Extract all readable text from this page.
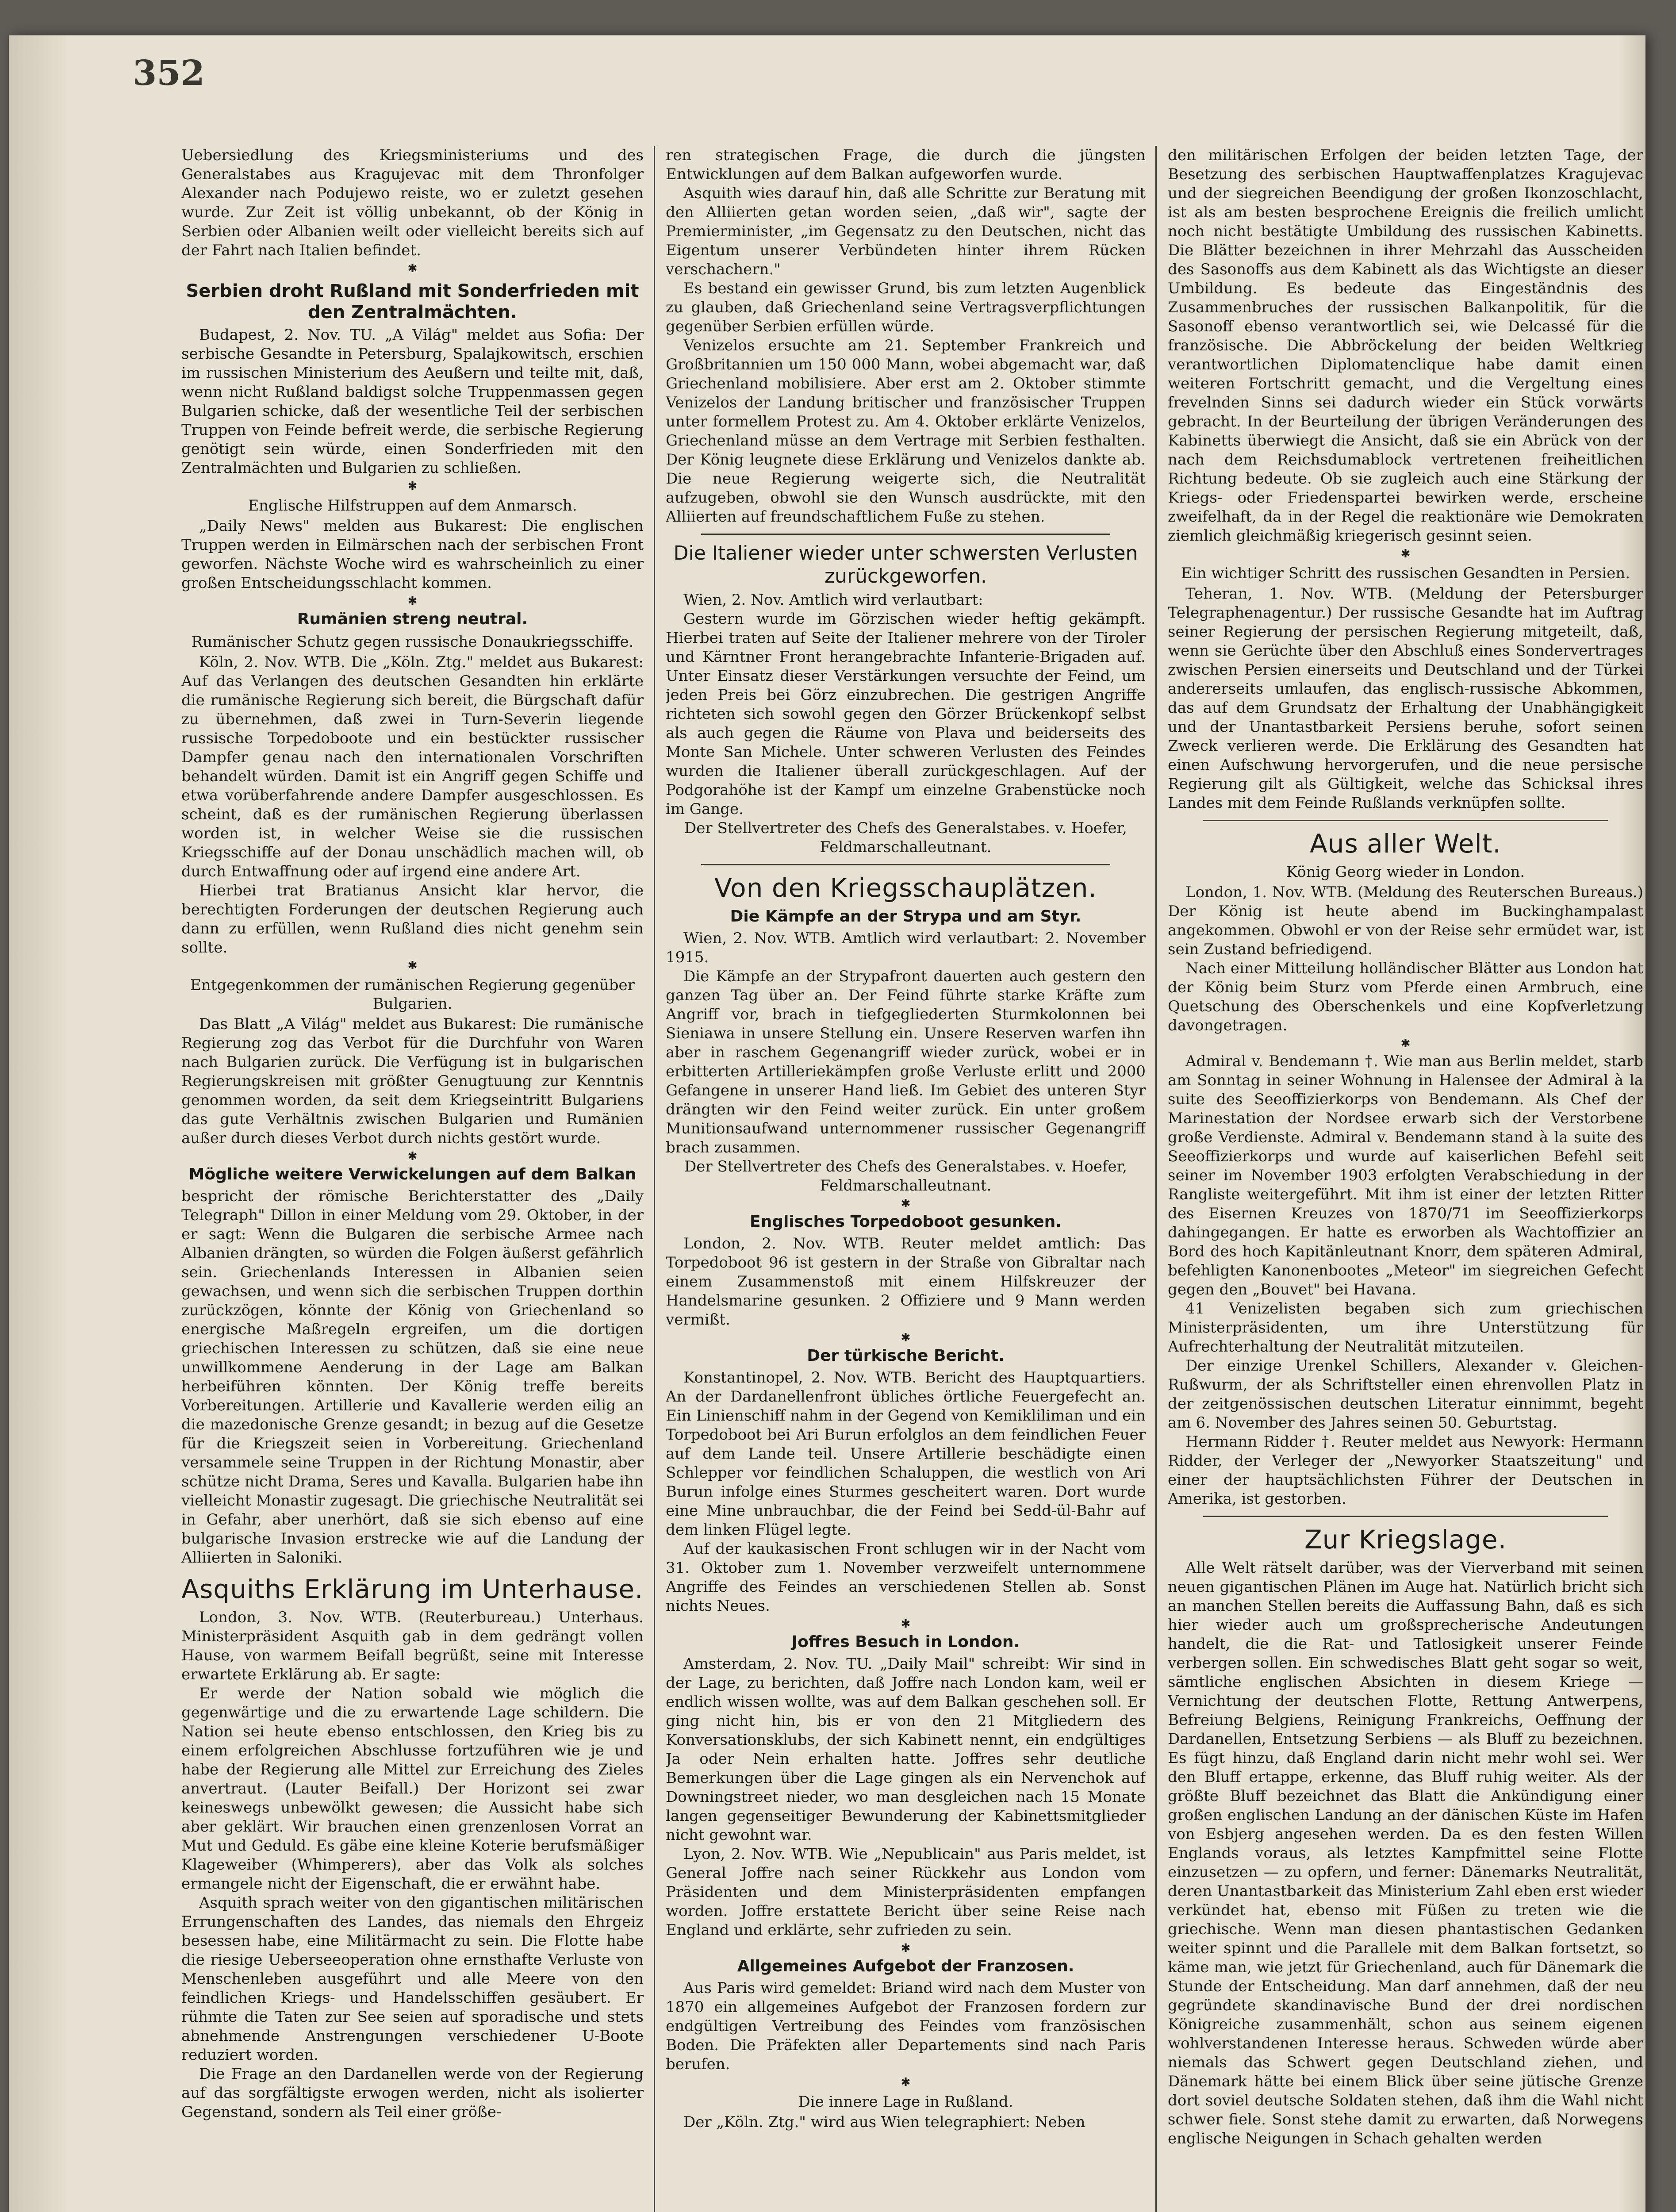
352

Uebersiedlung des Kriegsministeriums und des Generalstabes aus Kragujevac mit dem Thronfolger Alexander nach Podujewo reiste, wo er zuletzt gesehen wurde. Zur Zeit ist völlig unbekannt, ob der König in Serbien oder Albanien weilt oder vielleicht bereits sich auf der Fahrt nach Italien befindet.

✱
Serbien droht Rußland mit Sonderfrieden mit den Zentralmächten.

Budapest, 2. Nov. TU. „A Világ" meldet aus Sofia: Der serbische Gesandte in Petersburg, Spalajkowitsch, erschien im russischen Ministerium des Aeußern und teilte mit, daß, wenn nicht Rußland baldigst solche Truppenmassen gegen Bulgarien schicke, daß der wesentliche Teil der serbischen Truppen von Feinde befreit werde, die serbische Regierung genötigt sein würde, einen Sonderfrieden mit den Zentralmächten und Bulgarien zu schließen.

✱
Englische Hilfstruppen auf dem Anmarsch.

„Daily News" melden aus Bukarest: Die englischen Truppen werden in Eilmärschen nach der serbischen Front geworfen. Nächste Woche wird es wahrscheinlich zu einer großen Entscheidungsschlacht kommen.

✱
Rumänien streng neutral.
Rumänischer Schutz gegen russische Donaukriegsschiffe.

Köln, 2. Nov. WTB. Die „Köln. Ztg." meldet aus Bukarest: Auf das Verlangen des deutschen Gesandten hin erklärte die rumänische Regierung sich bereit, die Bürgschaft dafür zu übernehmen, daß zwei in Turn-Severin liegende russische Torpedoboote und ein bestückter russischer Dampfer genau nach den internationalen Vorschriften behandelt würden. Damit ist ein Angriff gegen Schiffe und etwa vorüberfahrende andere Dampfer ausgeschlossen. Es scheint, daß es der rumänischen Regierung überlassen worden ist, in welcher Weise sie die russischen Kriegsschiffe auf der Donau unschädlich machen will, ob durch Entwaffnung oder auf irgend eine andere Art.

Hierbei trat Bratianus Ansicht klar hervor, die berechtigten Forderungen der deutschen Regierung auch dann zu erfüllen, wenn Rußland dies nicht genehm sein sollte.

✱
Entgegenkommen der rumänischen Regierung gegenüber Bulgarien.

Das Blatt „A Világ" meldet aus Bukarest: Die rumänische Regierung zog das Verbot für die Durchfuhr von Waren nach Bulgarien zurück. Die Verfügung ist in bulgarischen Regierungskreisen mit größter Genugtuung zur Kenntnis genommen worden, da seit dem Kriegseintritt Bulgariens das gute Verhältnis zwischen Bulgarien und Rumänien außer durch dieses Verbot durch nichts gestört wurde.

✱
Mögliche weitere Verwickelungen auf dem Balkan

bespricht der römische Berichterstatter des „Daily Telegraph" Dillon in einer Meldung vom 29. Oktober, in der er sagt: Wenn die Bulgaren die serbische Armee nach Albanien drängten, so würden die Folgen äußerst gefährlich sein. Griechenlands Interessen in Albanien seien gewachsen, und wenn sich die serbischen Truppen dorthin zurückzögen, könnte der König von Griechenland so energische Maßregeln ergreifen, um die dortigen griechischen Interessen zu schützen, daß sie eine neue unwillkommene Aenderung in der Lage am Balkan herbeiführen könnten. Der König treffe bereits Vorbereitungen. Artillerie und Kavallerie werden eilig an die mazedonische Grenze gesandt; in bezug auf die Gesetze für die Kriegszeit seien in Vorbereitung. Griechenland versammele seine Truppen in der Richtung Monastir, aber schütze nicht Drama, Seres und Kavalla. Bulgarien habe ihn vielleicht Monastir zugesagt. Die griechische Neutralität sei in Gefahr, aber unerhört, daß sie sich ebenso auf eine bulgarische Invasion erstrecke wie auf die Landung der Alliierten in Saloniki.

Asquiths Erklärung im Unterhause.

London, 3. Nov. WTB. (Reuterbureau.) Unterhaus. Ministerpräsident Asquith gab in dem gedrängt vollen Hause, von warmem Beifall begrüßt, seine mit Interesse erwartete Erklärung ab. Er sagte:

Er werde der Nation sobald wie möglich die gegenwärtige und die zu erwartende Lage schildern. Die Nation sei heute ebenso entschlossen, den Krieg bis zu einem erfolgreichen Abschlusse fortzuführen wie je und habe der Regierung alle Mittel zur Erreichung des Zieles anvertraut. (Lauter Beifall.) Der Horizont sei zwar keineswegs unbewölkt gewesen; die Aussicht habe sich aber geklärt. Wir brauchen einen grenzenlosen Vorrat an Mut und Geduld. Es gäbe eine kleine Koterie berufsmäßiger Klageweiber (Whimperers), aber das Volk als solches ermangele nicht der Eigenschaft, die er erwähnt habe.

Asquith sprach weiter von den gigantischen militärischen Errungenschaften des Landes, das niemals den Ehrgeiz besessen habe, eine Militärmacht zu sein. Die Flotte habe die riesige Ueberseeoperation ohne ernsthafte Verluste von Menschenleben ausgeführt und alle Meere von den feindlichen Kriegs- und Handelsschiffen gesäubert. Er rühmte die Taten zur See seien auf sporadische und stets abnehmende Anstrengungen verschiedener U-Boote reduziert worden.

Die Frage an den Dardanellen werde von der Regierung auf das sorgfältigste erwogen werden, nicht als isolierter Gegenstand, sondern als Teil einer größe-

ren strategischen Frage, die durch die jüngsten Entwicklungen auf dem Balkan aufgeworfen wurde.

Asquith wies darauf hin, daß alle Schritte zur Beratung mit den Alliierten getan worden seien, „daß wir", sagte der Premierminister, „im Gegensatz zu den Deutschen, nicht das Eigentum unserer Verbündeten hinter ihrem Rücken verschachern."

Es bestand ein gewisser Grund, bis zum letzten Augenblick zu glauben, daß Griechenland seine Vertragsverpflichtungen gegenüber Serbien erfüllen würde.

Venizelos ersuchte am 21. September Frankreich und Großbritannien um 150 000 Mann, wobei abgemacht war, daß Griechenland mobilisiere. Aber erst am 2. Oktober stimmte Venizelos der Landung britischer und französischer Truppen unter formellem Protest zu. Am 4. Oktober erklärte Venizelos, Griechenland müsse an dem Vertrage mit Serbien festhalten. Der König leugnete diese Erklärung und Venizelos dankte ab. Die neue Regierung weigerte sich, die Neutralität aufzugeben, obwohl sie den Wunsch ausdrückte, mit den Alliierten auf freundschaftlichem Fuße zu stehen.

Die Italiener wieder unter schwersten Verlusten zurückgeworfen.

Wien, 2. Nov. Amtlich wird verlautbart:

Gestern wurde im Görzischen wieder heftig gekämpft. Hierbei traten auf Seite der Italiener mehrere von der Tiroler und Kärntner Front herangebrachte Infanterie-Brigaden auf. Unter Einsatz dieser Verstärkungen versuchte der Feind, um jeden Preis bei Görz einzubrechen. Die gestrigen Angriffe richteten sich sowohl gegen den Görzer Brückenkopf selbst als auch gegen die Räume von Plava und beiderseits des Monte San Michele. Unter schweren Verlusten des Feindes wurden die Italiener überall zurückgeschlagen. Auf der Podgorahöhe ist der Kampf um einzelne Grabenstücke noch im Gange.

Der Stellvertreter des Chefs des Generalstabes. v. Hoefer, Feldmarschalleutnant.

Von den Kriegsschauplätzen.
Die Kämpfe an der Strypa und am Styr.

Wien, 2. Nov. WTB. Amtlich wird verlautbart: 2. November 1915.

Die Kämpfe an der Strypafront dauerten auch gestern den ganzen Tag über an. Der Feind führte starke Kräfte zum Angriff vor, brach in tiefgegliederten Sturmkolonnen bei Sieniawa in unsere Stellung ein. Unsere Reserven warfen ihn aber in raschem Gegenangriff wieder zurück, wobei er in erbitterten Artilleriekämpfen große Verluste erlitt und 2000 Gefangene in unserer Hand ließ. Im Gebiet des unteren Styr drängten wir den Feind weiter zurück. Ein unter großem Munitionsaufwand unternommener russischer Gegenangriff brach zusammen.

Der Stellvertreter des Chefs des Generalstabes. v. Hoefer, Feldmarschalleutnant.

✱
Englisches Torpedoboot gesunken.

London, 2. Nov. WTB. Reuter meldet amtlich: Das Torpedoboot 96 ist gestern in der Straße von Gibraltar nach einem Zusammenstoß mit einem Hilfskreuzer der Handelsmarine gesunken. 2 Offiziere und 9 Mann werden vermißt.

✱
Der türkische Bericht.

Konstantinopel, 2. Nov. WTB. Bericht des Hauptquartiers. An der Dardanellenfront übliches örtliche Feuergefecht an. Ein Linienschiff nahm in der Gegend von Kemikliliman und ein Torpedoboot bei Ari Burun erfolglos an dem feindlichen Feuer auf dem Lande teil. Unsere Artillerie beschädigte einen Schlepper vor feindlichen Schaluppen, die westlich von Ari Burun infolge eines Sturmes gescheitert waren. Dort wurde eine Mine unbrauchbar, die der Feind bei Sedd-ül-Bahr auf dem linken Flügel legte.

Auf der kaukasischen Front schlugen wir in der Nacht vom 31. Oktober zum 1. November verzweifelt unternommene Angriffe des Feindes an verschiedenen Stellen ab. Sonst nichts Neues.

✱
Joffres Besuch in London.

Amsterdam, 2. Nov. TU. „Daily Mail" schreibt: Wir sind in der Lage, zu berichten, daß Joffre nach London kam, weil er endlich wissen wollte, was auf dem Balkan geschehen soll. Er ging nicht hin, bis er von den 21 Mitgliedern des Konversationsklubs, der sich Kabinett nennt, ein endgültiges Ja oder Nein erhalten hatte. Joffres sehr deutliche Bemerkungen über die Lage gingen als ein Nervenchok auf Downingstreet nieder, wo man desgleichen nach 15 Monate langen gegenseitiger Bewunderung der Kabinettsmitglieder nicht gewohnt war.

Lyon, 2. Nov. WTB. Wie „Nepublicain" aus Paris meldet, ist General Joffre nach seiner Rückkehr aus London vom Präsidenten und dem Ministerpräsidenten empfangen worden. Joffre erstattete Bericht über seine Reise nach England und erklärte, sehr zufrieden zu sein.

✱
Allgemeines Aufgebot der Franzosen.

Aus Paris wird gemeldet: Briand wird nach dem Muster von 1870 ein allgemeines Aufgebot der Franzosen fordern zur endgültigen Vertreibung des Feindes vom französischen Boden. Die Präfekten aller Departements sind nach Paris berufen.

✱
Die innere Lage in Rußland.

Der „Köln. Ztg." wird aus Wien telegraphiert: Neben

den militärischen Erfolgen der beiden letzten Tage, der Besetzung des serbischen Hauptwaffenplatzes Kragujevac und der siegreichen Beendigung der großen Ikonzoschlacht, ist als am besten besprochene Ereignis die freilich umlicht noch nicht bestätigte Umbildung des russischen Kabinetts. Die Blätter bezeichnen in ihrer Mehrzahl das Ausscheiden des Sasonoffs aus dem Kabinett als das Wichtigste an dieser Umbildung. Es bedeute das Eingeständnis des Zusammenbruches der russischen Balkanpolitik, für die Sasonoff ebenso verantwortlich sei, wie Delcassé für die französische. Die Abbröckelung der beiden Weltkrieg verantwortlichen Diplomatenclique habe damit einen weiteren Fortschritt gemacht, und die Vergeltung eines frevelnden Sinns sei dadurch wieder ein Stück vorwärts gebracht. In der Beurteilung der übrigen Veränderungen des Kabinetts überwiegt die Ansicht, daß sie ein Abrück von der nach dem Reichsdumablock vertretenen freiheitlichen Richtung bedeute. Ob sie zugleich auch eine Stärkung der Kriegs- oder Friedenspartei bewirken werde, erscheine zweifelhaft, da in der Regel die reaktionäre wie Demokraten ziemlich gleichmäßig kriegerisch gesinnt seien.

✱
Ein wichtiger Schritt des russischen Gesandten in Persien.

Teheran, 1. Nov. WTB. (Meldung der Petersburger Telegraphenagentur.) Der russische Gesandte hat im Auftrag seiner Regierung der persischen Regierung mitgeteilt, daß, wenn sie Gerüchte über den Abschluß eines Sondervertrages zwischen Persien einerseits und Deutschland und der Türkei andererseits umlaufen, das englisch-russische Abkommen, das auf dem Grundsatz der Erhaltung der Unabhängigkeit und der Unantastbarkeit Persiens beruhe, sofort seinen Zweck verlieren werde. Die Erklärung des Gesandten hat einen Aufschwung hervorgerufen, und die neue persische Regierung gilt als Gültigkeit, welche das Schicksal ihres Landes mit dem Feinde Rußlands verknüpfen sollte.

Aus aller Welt.
König Georg wieder in London.

London, 1. Nov. WTB. (Meldung des Reuterschen Bureaus.) Der König ist heute abend im Buckinghampalast angekommen. Obwohl er von der Reise sehr ermüdet war, ist sein Zustand befriedigend.

Nach einer Mitteilung holländischer Blätter aus London hat der König beim Sturz vom Pferde einen Armbruch, eine Quetschung des Oberschenkels und eine Kopfverletzung davongetragen.

✱

Admiral v. Bendemann †. Wie man aus Berlin meldet, starb am Sonntag in seiner Wohnung in Halensee der Admiral à la suite des Seeoffizierkorps von Bendemann. Als Chef der Marinestation der Nordsee erwarb sich der Verstorbene große Verdienste. Admiral v. Bendemann stand à la suite des Seeoffizierkorps und wurde auf kaiserlichen Befehl seit seiner im November 1903 erfolgten Verabschiedung in der Rangliste weitergeführt. Mit ihm ist einer der letzten Ritter des Eisernen Kreuzes von 1870/71 im Seeoffizierkorps dahingegangen. Er hatte es erworben als Wachtoffizier an Bord des hoch Kapitänleutnant Knorr, dem späteren Admiral, befehligten Kanonenbootes „Meteor" im siegreichen Gefecht gegen den „Bouvet" bei Havana.

41 Venizelisten begaben sich zum griechischen Ministerpräsidenten, um ihre Unterstützung für Aufrechterhaltung der Neutralität mitzuteilen.

Der einzige Urenkel Schillers, Alexander v. Gleichen-Rußwurm, der als Schriftsteller einen ehrenvollen Platz in der zeitgenössischen deutschen Literatur einnimmt, begeht am 6. November des Jahres seinen 50. Geburtstag.

Hermann Ridder †. Reuter meldet aus Newyork: Hermann Ridder, der Verleger der „Newyorker Staatszeitung" und einer der hauptsächlichsten Führer der Deutschen in Amerika, ist gestorben.

Zur Kriegslage.

Alle Welt rätselt darüber, was der Vierverband mit seinen neuen gigantischen Plänen im Auge hat. Natürlich bricht sich an manchen Stellen bereits die Auffassung Bahn, daß es sich hier wieder auch um großsprecherische Andeutungen handelt, die die Rat- und Tatlosigkeit unserer Feinde verbergen sollen. Ein schwedisches Blatt geht sogar so weit, sämtliche englischen Absichten in diesem Kriege — Vernichtung der deutschen Flotte, Rettung Antwerpens, Befreiung Belgiens, Reinigung Frankreichs, Oeffnung der Dardanellen, Entsetzung Serbiens — als Bluff zu bezeichnen. Es fügt hinzu, daß England darin nicht mehr wohl sei. Wer den Bluff ertappe, erkenne, das Bluff ruhig weiter. Als der größte Bluff bezeichnet das Blatt die Ankündigung einer großen englischen Landung an der dänischen Küste im Hafen von Esbjerg angesehen werden. Da es den festen Willen Englands voraus, als letztes Kampfmittel seine Flotte einzusetzen — zu opfern, und ferner: Dänemarks Neutralität, deren Unantastbarkeit das Ministerium Zahl eben erst wieder verkündet hat, ebenso mit Füßen zu treten wie die griechische. Wenn man diesen phantastischen Gedanken weiter spinnt und die Parallele mit dem Balkan fortsetzt, so käme man, wie jetzt für Griechenland, auch für Dänemark die Stunde der Entscheidung. Man darf annehmen, daß der neu gegründete skandinavische Bund der drei nordischen Königreiche zusammenhält, schon aus seinem eigenen wohlverstandenen Interesse heraus. Schweden würde aber niemals das Schwert gegen Deutschland ziehen, und Dänemark hätte bei einem Blick über seine jütische Grenze dort soviel deutsche Soldaten stehen, daß ihm die Wahl nicht schwer fiele. Sonst stehe damit zu erwarten, daß Norwegens englische Neigungen in Schach gehalten werden
